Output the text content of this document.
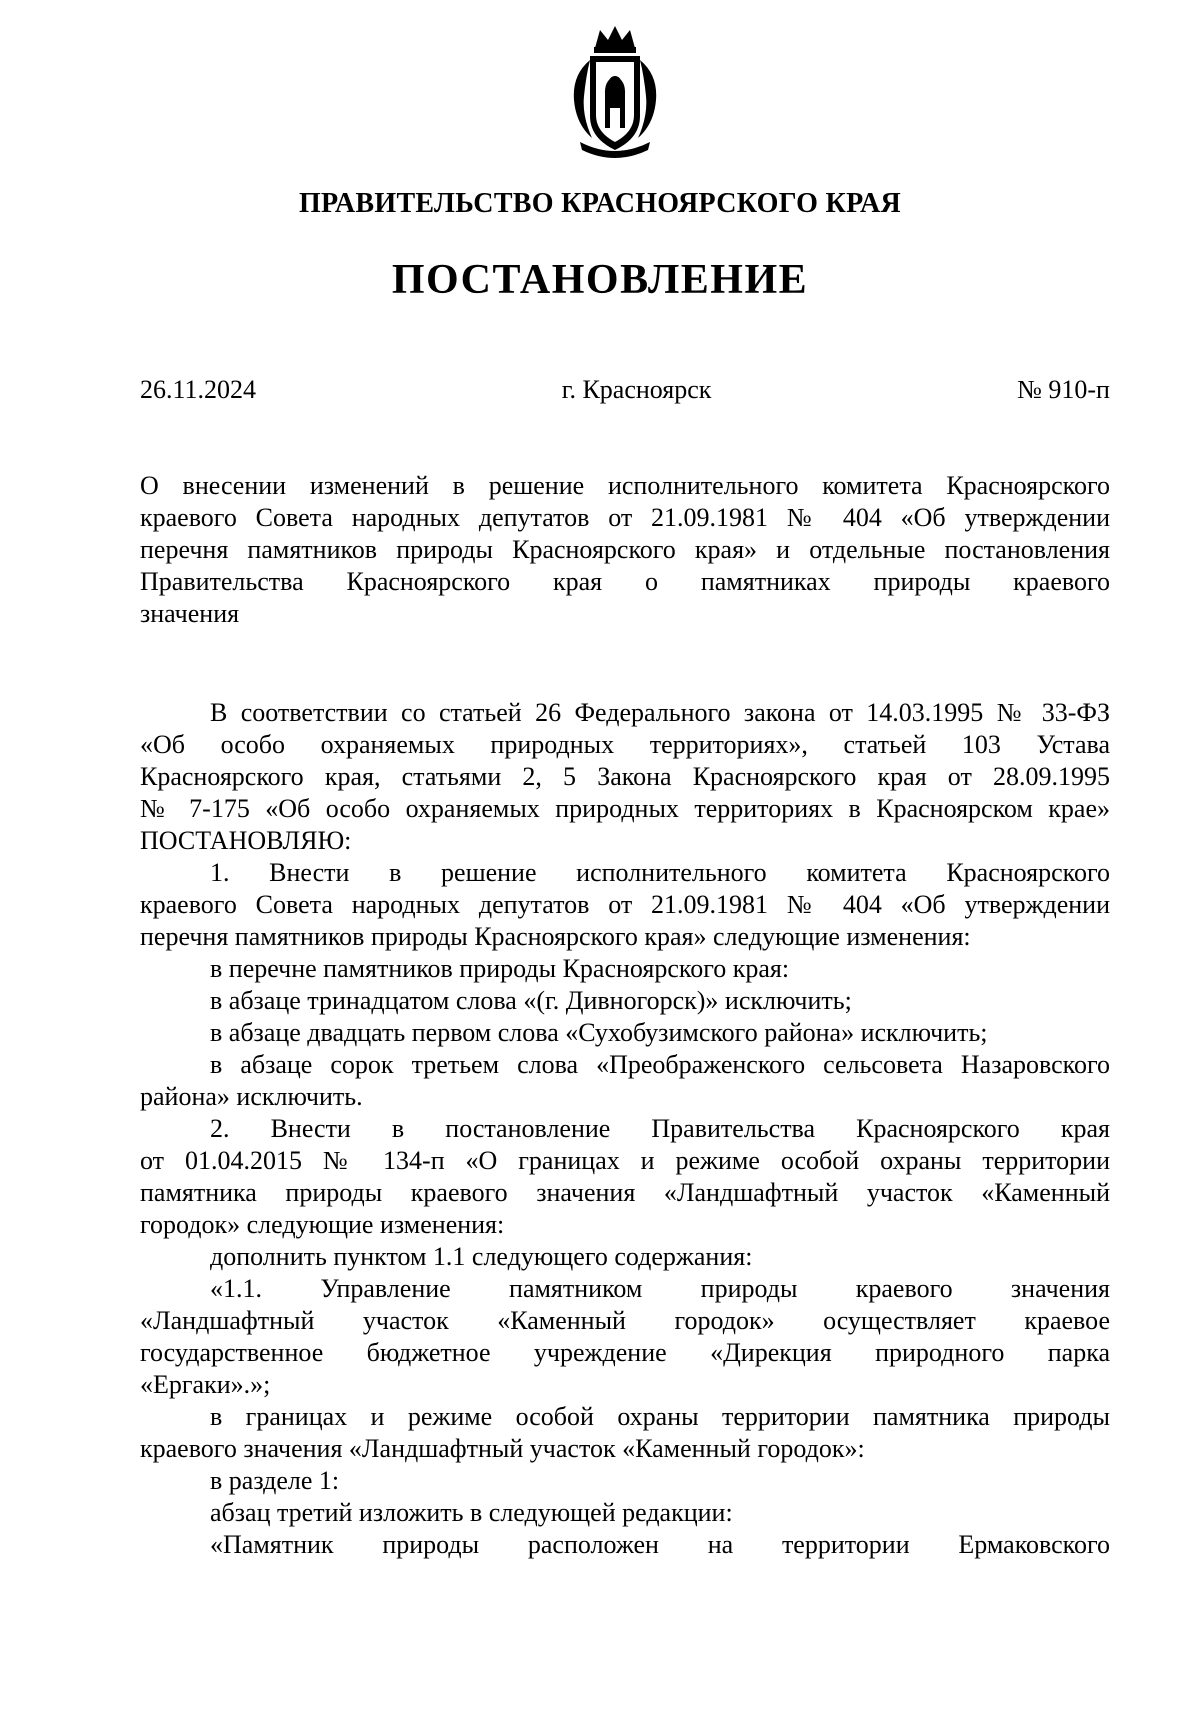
ПРАВИТЕЛЬСТВО КРАСНОЯРСКОГО КРАЯ
ПОСТАНОВЛЕНИЕ
26.11.2024	г. Красноярск	№ 910-п
О внесении изменений в решение исполнительного комитета Красноярского
краевого Совета народных депутатов от 21.09.1981 № 404 «Об утверждении
перечня памятников природы Красноярского края» и отдельные постановления
Правительства Красноярского края о памятниках природы краевого
значения
В соответствии со статьей 26 Федерального закона от 14.03.1995 № 33-ФЗ
«Об особо охраняемых природных территориях», статьей 103 Устава
Красноярского края, статьями 2, 5 Закона Красноярского края от 28.09.1995
№ 7-175 «Об особо охраняемых природных территориях в Красноярском крае»
ПОСТАНОВЛЯЮ:
1. Внести в решение исполнительного комитета Красноярского
краевого Совета народных депутатов от 21.09.1981 № 404 «Об утверждении
перечня памятников природы Красноярского края» следующие изменения:
в перечне памятников природы Красноярского края:
в абзаце тринадцатом слова «(г. Дивногорск)» исключить;
в абзаце двадцать первом слова «Сухобузимского района» исключить;
в абзаце сорок третьем слова «Преображенского сельсовета Назаровского
района» исключить.
2. Внести в постановление Правительства Красноярского края
от 01.04.2015 № 134-п «О границах и режиме особой охраны территории
памятника природы краевого значения «Ландшафтный участок «Каменный
городок» следующие изменения:
дополнить пунктом 1.1 следующего содержания:
«1.1. Управление памятником природы краевого значения
«Ландшафтный участок «Каменный городок» осуществляет краевое
государственное бюджетное учреждение «Дирекция природного парка
«Ергаки».»;
в границах и режиме особой охраны территории памятника природы
краевого значения «Ландшафтный участок «Каменный городок»:
в разделе 1:
абзац третий изложить в следующей редакции:
«Памятник природы расположен на территории Ермаковского
